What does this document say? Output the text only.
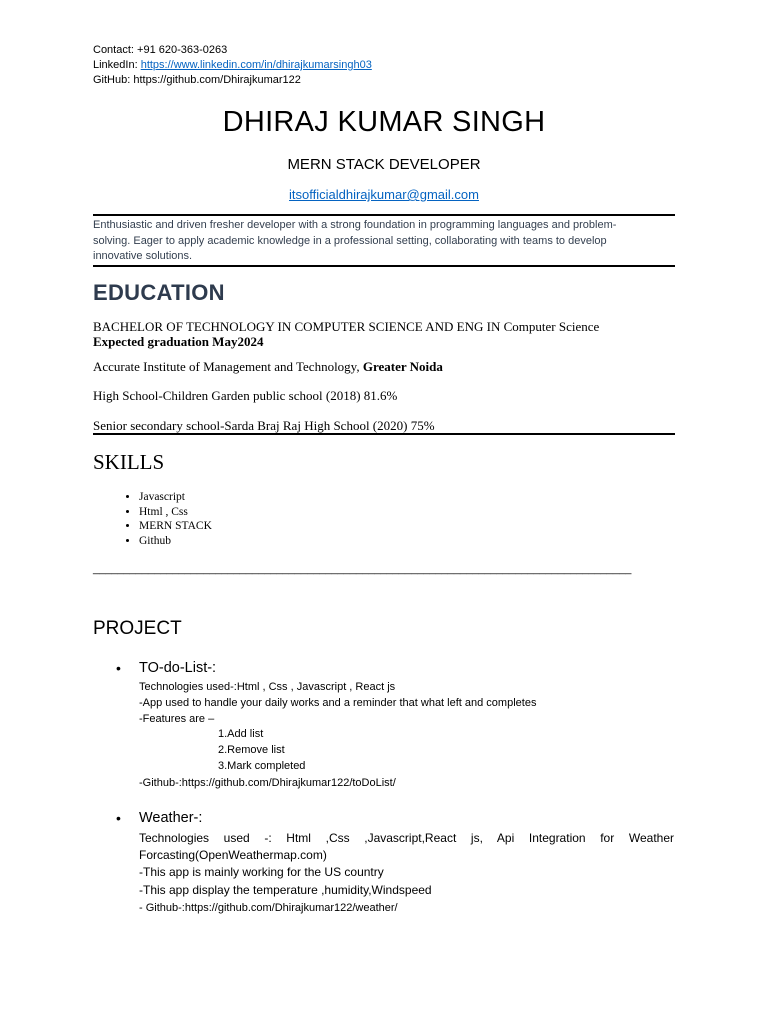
Contact: +91 620-363-0263
LinkedIn: https://www.linkedin.com/in/dhirajkumarsingh03
GitHub: https://github.com/Dhirajkumar122
DHIRAJ KUMAR SINGH
MERN STACK DEVELOPER
itsofficialdhirajkumar@gmail.com
Enthusiastic and driven fresher developer with a strong foundation in programming languages and problem-solving. Eager to apply academic knowledge in a professional setting, collaborating with teams to develop innovative solutions.
EDUCATION
BACHELOR OF TECHNOLOGY IN COMPUTER SCIENCE AND ENG IN Computer Science
Expected graduation May2024
Accurate Institute of Management and Technology, Greater Noida
High School-Children Garden public school (2018) 81.6%
Senior secondary school-Sarda Braj Raj High School (2020) 75%
SKILLS
• Javascript
• Html , Css
• MERN STACK
• Github
________________________________________________________________________________________
PROJECT
• TO-do-List-:
Technologies used-:Html , Css , Javascript , React js
-App used to handle your daily works and a reminder that what left and completes
-Features are –
1.Add list
2.Remove list
3.Mark completed
-Github-:https://github.com/Dhirajkumar122/toDoList/
• Weather-:
Technologies used -: Html ,Css ,Javascript,React js, Api Integration for Weather Forcasting(OpenWeathermap.com)
-This app is mainly working for the US country
-This app display the temperature ,humidity,Windspeed
- Github-:https://github.com/Dhirajkumar122/weather/
